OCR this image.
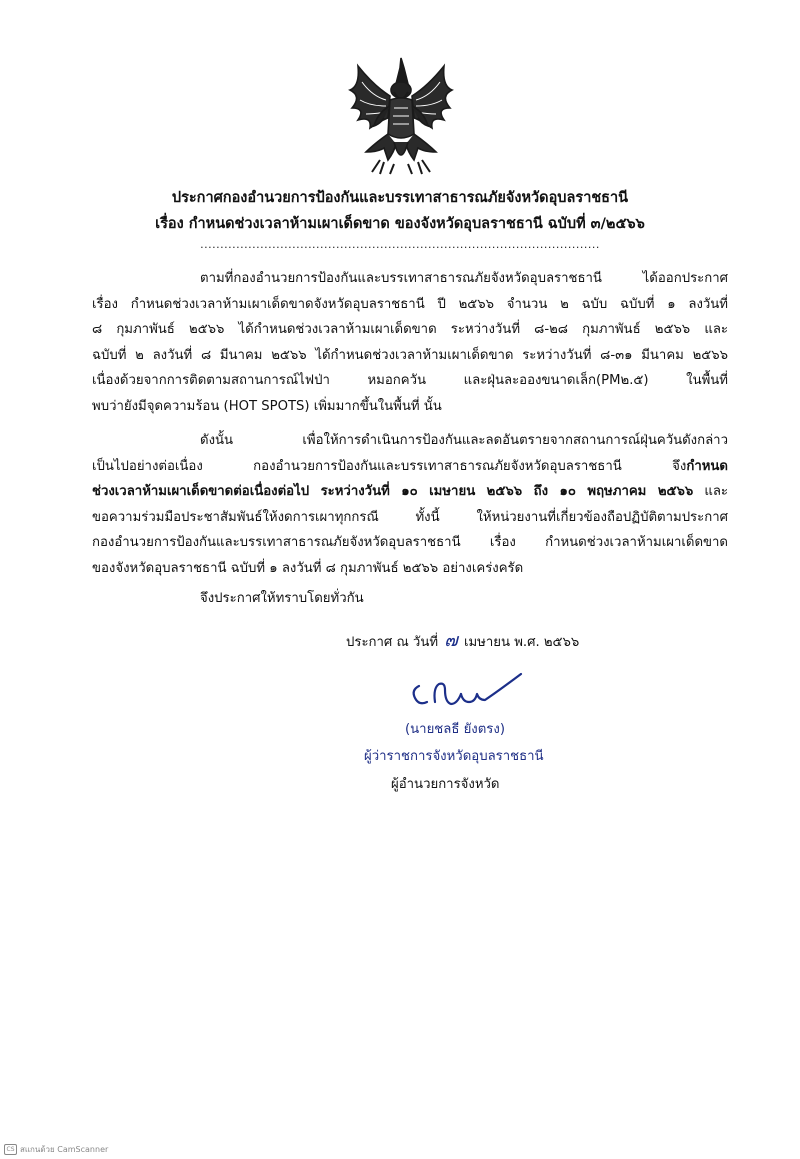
ประกาศกองอำนวยการป้องกันและบรรเทาสาธารณภัยจังหวัดอุบลราชธานี
เรื่อง กำหนดช่วงเวลาห้ามเผาเด็ดขาด ของจังหวัดอุบลราชธานี ฉบับที่ ๓/๒๕๖๖
....................................................................................................
ตามที่กองอำนวยการป้องกันและบรรเทาสาธารณภัยจังหวัดอุบลราชธานี ได้ออกประกาศ
เรื่อง กำหนดช่วงเวลาห้ามเผาเด็ดขาดจังหวัดอุบลราชธานี ปี ๒๕๖๖ จำนวน ๒ ฉบับ ฉบับที่ ๑ ลงวันที่
๘ กุมภาพันธ์ ๒๕๖๖ ได้กำหนดช่วงเวลาห้ามเผาเด็ดขาด ระหว่างวันที่ ๘-๒๘ กุมภาพันธ์ ๒๕๖๖ และ
ฉบับที่ ๒ ลงวันที่ ๘ มีนาคม ๒๕๖๖ ได้กำหนดช่วงเวลาห้ามเผาเด็ดขาด ระหว่างวันที่ ๘-๓๑ มีนาคม ๒๕๖๖
เนื่องด้วยจากการติดตามสถานการณ์ไฟป่า หมอกควัน และฝุ่นละอองขนาดเล็ก(PM๒.๕) ในพื้นที่
พบว่ายังมีจุดความร้อน (HOT SPOTS) เพิ่มมากขึ้นในพื้นที่ นั้น
ดังนั้น เพื่อให้การดำเนินการป้องกันและลดอันตรายจากสถานการณ์ฝุ่นควันดังกล่าว
เป็นไปอย่างต่อเนื่อง กองอำนวยการป้องกันและบรรเทาสาธารณภัยจังหวัดอุบลราชธานี จึงกำหนด
ช่วงเวลาห้ามเผาเด็ดขาดต่อเนื่องต่อไป ระหว่างวันที่ ๑๐ เมษายน ๒๕๖๖ ถึง ๑๐ พฤษภาคม ๒๕๖๖ และ
ขอความร่วมมือประชาสัมพันธ์ให้งดการเผาทุกกรณี ทั้งนี้ ให้หน่วยงานที่เกี่ยวข้องถือปฏิบัติตามประกาศ
กองอำนวยการป้องกันและบรรเทาสาธารณภัยจังหวัดอุบลราชธานี เรื่อง กำหนดช่วงเวลาห้ามเผาเด็ดขาด
ของจังหวัดอุบลราชธานี ฉบับที่ ๑ ลงวันที่ ๘ กุมภาพันธ์ ๒๕๖๖ อย่างเคร่งครัด
จึงประกาศให้ทราบโดยทั่วกัน
ประกาศ ณ วันที่ ๗ เมษายน พ.ศ. ๒๕๖๖
(นายชลธี ยังตรง)
ผู้ว่าราชการจังหวัดอุบลราชธานี
ผู้อำนวยการจังหวัด
CS สแกนด้วย CamScanner
